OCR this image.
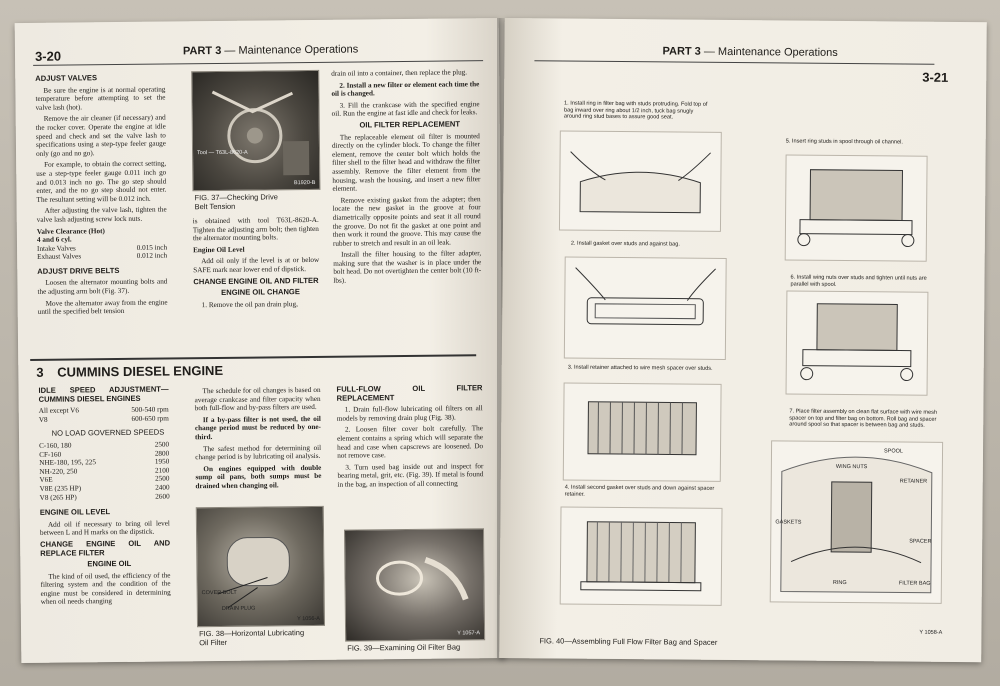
3-20	PART 3 — Maintenance Operations

ADJUST VALVES

Be sure the engine is at normal operating temperature before attempting to set the valve lash (hot).

Remove the air cleaner (if necessary) and the rocker cover. Operate the engine at idle speed and check and set the valve lash to specifications using a step-type feeler gauge only (go and no go).

For example, to obtain the correct setting, use a step-type feeler gauge 0.011 inch go and 0.013 inch no go. The go step should enter, and the no go step should not enter. The resultant setting will be 0.012 inch.

After adjusting the valve lash, tighten the valve lash adjusting screw lock nuts.

Valve Clearance (Hot)

4 and 6 cyl.

Intake Valves	0.015 inch
Exhaust Valves	0.012 inch

ADJUST DRIVE BELTS

Loosen the alternator mounting bolts and the adjusting arm bolt (Fig. 37).

Move the alternator away from the engine until the specified belt tension

Tool — T63L-8620-A
B1920-B
FIG. 37—Checking Drive
Belt Tension

is obtained with tool T63L-8620-A. Tighten the adjusting arm bolt; then tighten the alternator mounting bolts.

Engine Oil Level

Add oil only if the level is at or below SAFE mark near lower end of dipstick.

CHANGE ENGINE OIL AND FILTER

ENGINE OIL CHANGE

1. Remove the oil pan drain plug,

drain oil into a container, then replace the plug.

2. Install a new filter or element each time the oil is changed.

3. Fill the crankcase with the specified engine oil. Run the engine at fast idle and check for leaks.

OIL FILTER REPLACEMENT

The replaceable element oil filter is mounted directly on the cylinder block. To change the filter element, remove the center bolt which holds the filter shell to the filter head and withdraw the filter assembly. Remove the filter element from the housing, wash the housing, and insert a new filter element.

Remove existing gasket from the adapter; then locate the new gasket in the groove at four diametrically opposite points and seat it all round the groove. Do not fit the gasket at one point and then work it round the groove. This may cause the rubber to stretch and result in an oil leak.

Install the filter housing to the filter adapter, making sure that the washer is in place under the bolt head. Do not overtighten the center bolt (10 ft-lbs).

3 CUMMINS DIESEL ENGINE

IDLE SPEED ADJUSTMENT— CUMMINS DIESEL ENGINES

All except V6	500-540 rpm
V8	600-650 rpm

NO LOAD GOVERNED SPEEDS

C-160, 180	2500
CF-160	2800
NHE-180, 195, 225	1950
NH-220, 250	2100
V6E	2500
V8E (235 HP)	2400
V8 (265 HP)	2600

ENGINE OIL LEVEL

Add oil if necessary to bring oil level between L and H marks on the dipstick.

CHANGE ENGINE OIL AND REPLACE FILTER

ENGINE OIL

The kind of oil used, the efficiency of the filtering system and the condition of the engine must be considered in determining when oil needs changing

The schedule for oil changes is based on average crankcase and filter capacity when both full-flow and by-pass filters are used.

If a by-pass filter is not used, the oil change period must be reduced by one-third.

The safest method for determining oil change period is by lubricating oil analysis.

On engines equipped with double sump oil pans, both sumps must be drained when changing oil.

COVER BOLT
DRAIN PLUG
Y 1056-A
FIG. 38—Horizontal Lubricating
Oil Filter

FULL-FLOW OIL FILTER REPLACEMENT

1. Drain full-flow lubricating oil filters on all models by removing drain plug (Fig. 38).

2. Loosen filter cover bolt carefully. The element contains a spring which will separate the head and case when capscrews are loosened. Do not remove case.

3. Turn used bag inside out and inspect for bearing metal, grit, etc. (Fig. 39). If metal is found in the bag, an inspection of all connecting

Y 1057-A
FIG. 39—Examining Oil Filter Bag
PART 3 — Maintenance Operations
3-21
1. Install ring in filter bag with studs protruding. Fold top of bag inward over ring about 1/2 inch, tuck bag snugly around ring stud bases to assure good seat.
2. Install gasket over studs and against bag.
3. Install retainer attached to wire mesh spacer over studs.
4. Install second gasket over studs and down against spacer retainer.
5. Insert ring studs in spool through oil channel.
6. Install wing nuts over studs and tighten until nuts are parallel with spool.
7. Place filter assembly on clean flat surface with wire mesh spacer on top and filter bag on bottom. Roll bag and spacer around spool so that spacer is between bag and studs.
WING NUTS
SPOOL
RETAINER
GASKETS
SPACER
RING	FILTER BAG
FIG. 40—Assembling Full Flow Filter Bag and Spacer
Y 1058-A
